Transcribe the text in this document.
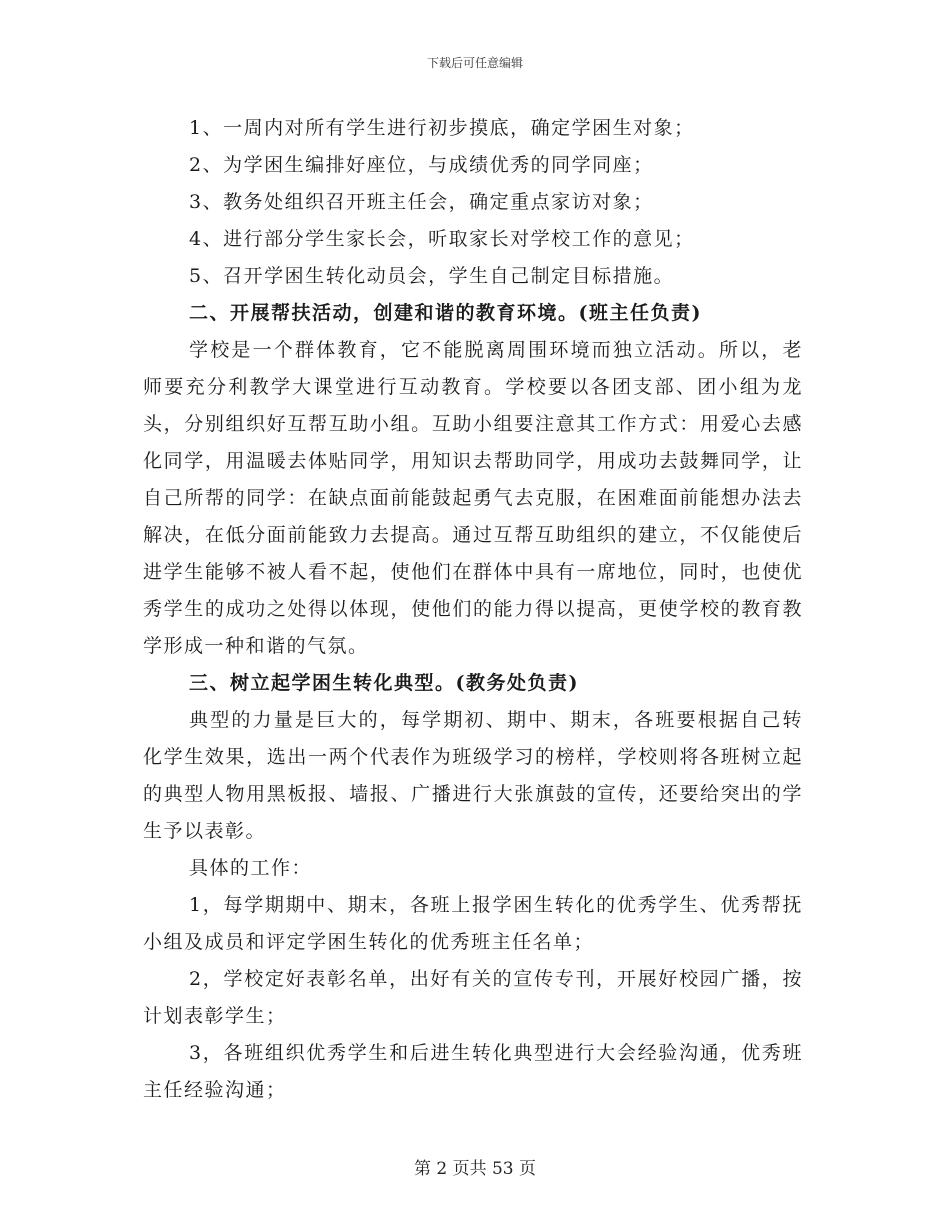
下载后可任意编辑

1、一周内对所有学生进行初步摸底，确定学困生对象；

2、为学困生编排好座位，与成绩优秀的同学同座；

3、教务处组织召开班主任会，确定重点家访对象；

4、进行部分学生家长会，听取家长对学校工作的意见；

5、召开学困生转化动员会，学生自己制定目标措施。

二、开展帮扶活动，创建和谐的教育环境。(班主任负责)

学校是一个群体教育，它不能脱离周围环境而独立活动。所以，老师要充分利教学大课堂进行互动教育。学校要以各团支部、团小组为龙头，分别组织好互帮互助小组。互助小组要注意其工作方式：用爱心去感化同学，用温暖去体贴同学，用知识去帮助同学，用成功去鼓舞同学，让自己所帮的同学：在缺点面前能鼓起勇气去克服，在困难面前能想办法去解决，在低分面前能致力去提高。通过互帮互助组织的建立，不仅能使后进学生能够不被人看不起，使他们在群体中具有一席地位，同时，也使优秀学生的成功之处得以体现，使他们的能力得以提高，更使学校的教育教学形成一种和谐的气氛。

三、树立起学困生转化典型。(教务处负责)

典型的力量是巨大的，每学期初、期中、期末，各班要根据自己转化学生效果，选出一两个代表作为班级学习的榜样，学校则将各班树立起的典型人物用黑板报、墙报、广播进行大张旗鼓的宣传，还要给突出的学生予以表彰。

具体的工作：

1，每学期期中、期末，各班上报学困生转化的优秀学生、优秀帮抚小组及成员和评定学困生转化的优秀班主任名单；

2，学校定好表彰名单，出好有关的宣传专刊，开展好校园广播，按计划表彰学生；

3，各班组织优秀学生和后进生转化典型进行大会经验沟通，优秀班主任经验沟通；

第 2 页共 53 页
